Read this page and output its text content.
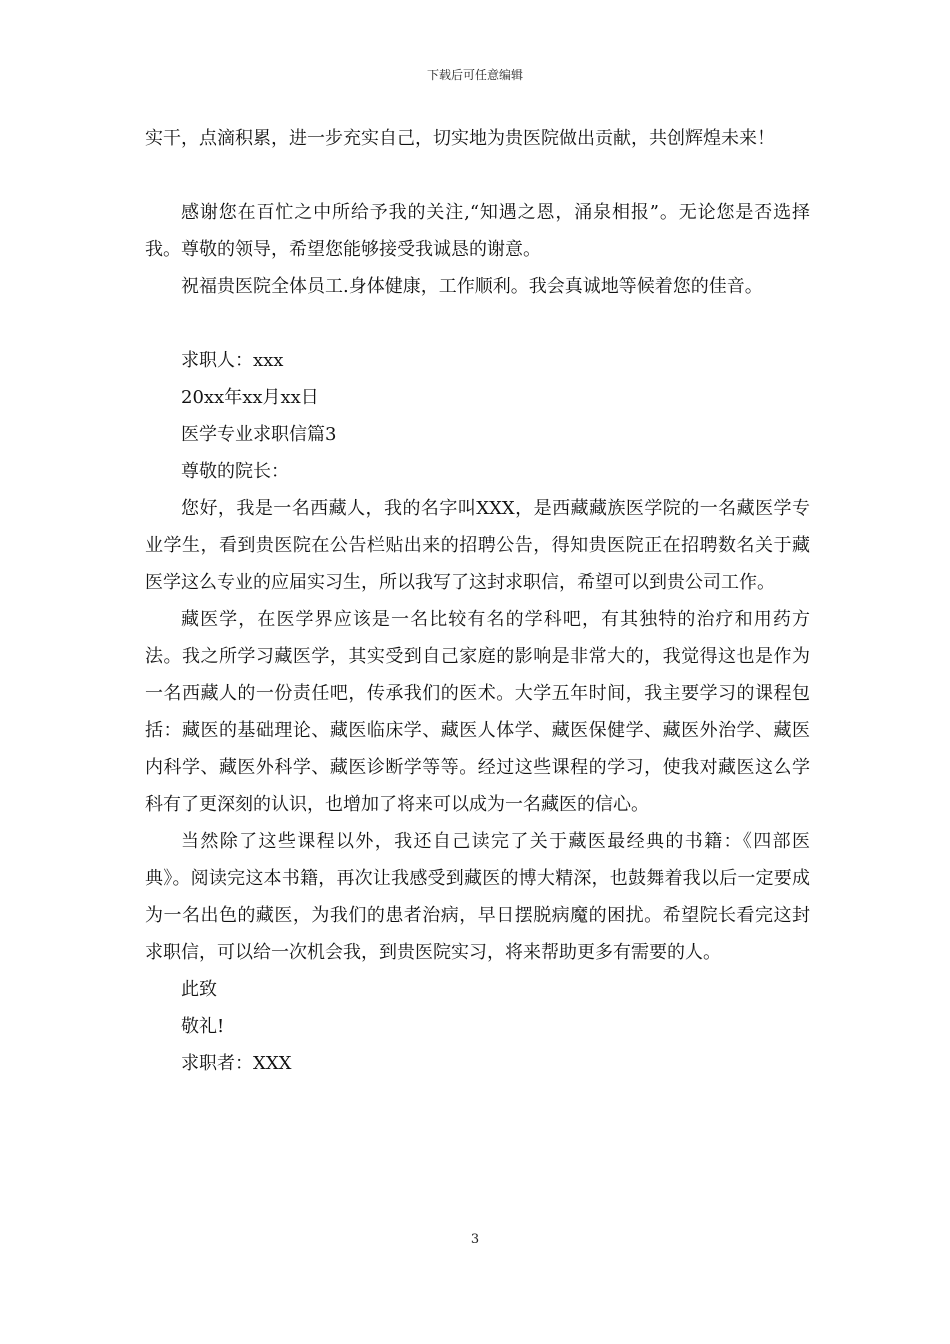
下载后可任意编辑

实干，点滴积累，进一步充实自己，切实地为贵医院做出贡献，共创辉煌未来！

感谢您在百忙之中所给予我的关注,“知遇之恩，涌泉相报”。无论您是否选择我。尊敬的领导，希望您能够接受我诚恳的谢意。

祝福贵医院全体员工.身体健康，工作顺利。我会真诚地等候着您的佳音。

求职人：xxx

20xx年xx月xx日

医学专业求职信篇3

尊敬的院长：

您好，我是一名西藏人，我的名字叫XXX，是西藏藏族医学院的一名藏医学专业学生，看到贵医院在公告栏贴出来的招聘公告，得知贵医院正在招聘数名关于藏医学这么专业的应届实习生，所以我写了这封求职信，希望可以到贵公司工作。

藏医学，在医学界应该是一名比较有名的学科吧，有其独特的治疗和用药方法。我之所学习藏医学，其实受到自己家庭的影响是非常大的，我觉得这也是作为一名西藏人的一份责任吧，传承我们的医术。大学五年时间，我主要学习的课程包括：藏医的基础理论、藏医临床学、藏医人体学、藏医保健学、藏医外治学、藏医内科学、藏医外科学、藏医诊断学等等。经过这些课程的学习，使我对藏医这么学科有了更深刻的认识，也增加了将来可以成为一名藏医的信心。

当然除了这些课程以外，我还自己读完了关于藏医最经典的书籍：《四部医典》。阅读完这本书籍，再次让我感受到藏医的博大精深，也鼓舞着我以后一定要成为一名出色的藏医，为我们的患者治病，早日摆脱病魔的困扰。希望院长看完这封求职信，可以给一次机会我，到贵医院实习，将来帮助更多有需要的人。

此致

敬礼!

求职者：XXX

3
